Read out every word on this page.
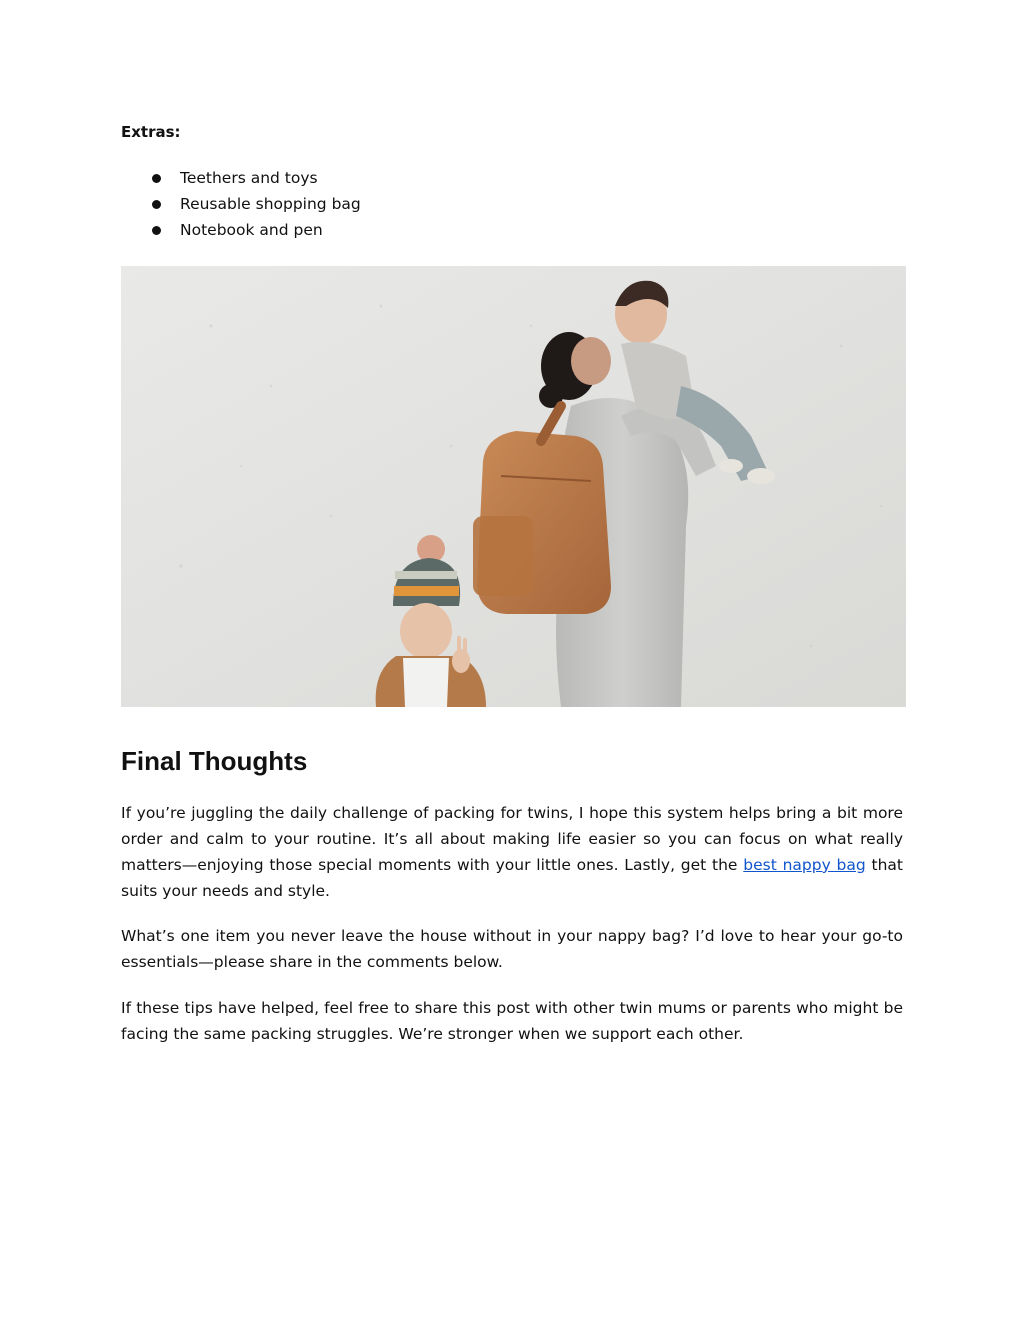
Extras:

Teethers and toys
Reusable shopping bag
Notebook and pen
Final Thoughts

If you’re juggling the daily challenge of packing for twins, I hope this system helps bring a bit more order and calm to your routine. It’s all about making life easier so you can focus on what really matters—enjoying those special moments with your little ones. Lastly, get the best nappy bag that suits your needs and style.

What’s one item you never leave the house without in your nappy bag? I’d love to hear your go-to essentials—please share in the comments below.

If these tips have helped, feel free to share this post with other twin mums or parents who might be facing the same packing struggles. We’re stronger when we support each other.
